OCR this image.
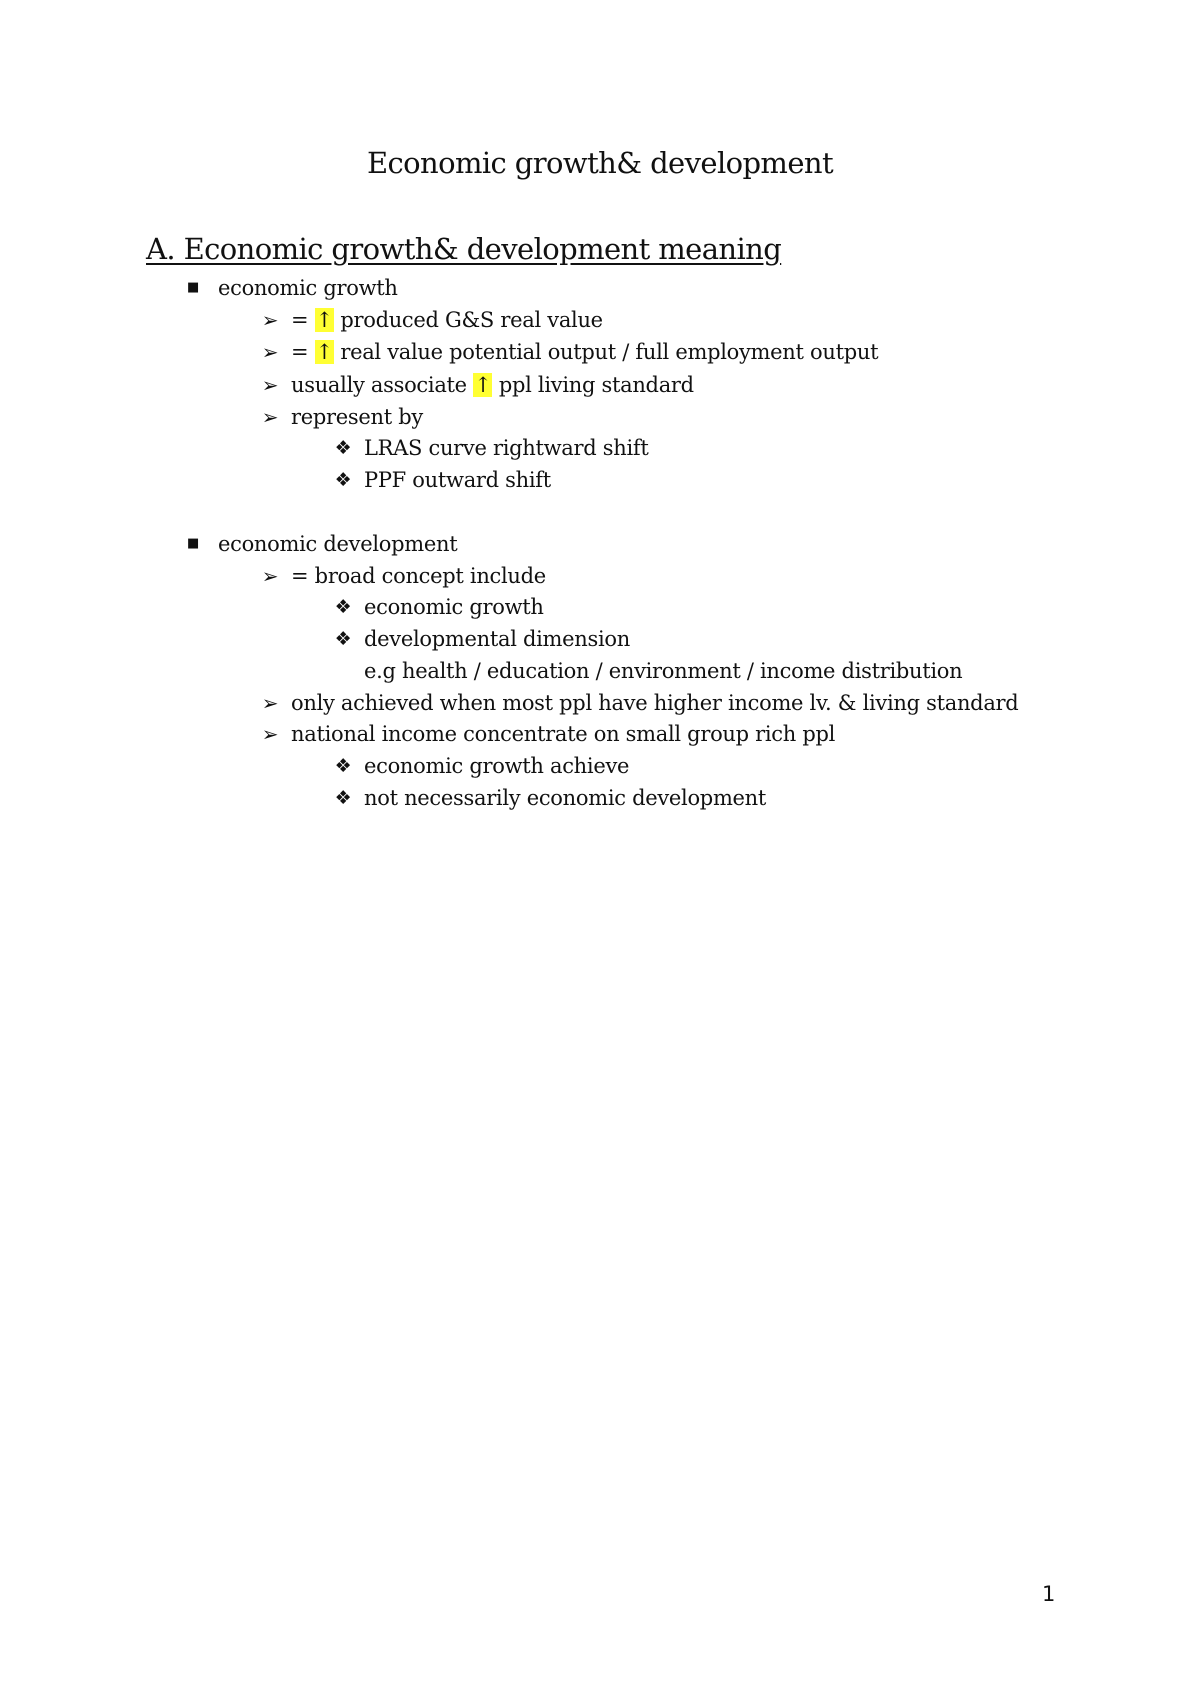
Economic growth& development
A. Economic growth& development meaning
■ economic growth
➢ = ↑ produced G&S real value
➢ = ↑ real value potential output / full employment output
➢ usually associate ↑ ppl living standard
➢ represent by
❖ LRAS curve rightward shift
❖ PPF outward shift
■ economic development
➢ = broad concept include
❖ economic growth
❖ developmental dimension
e.g health / education / environment / income distribution
➢ only achieved when most ppl have higher income lv. & living standard
➢ national income concentrate on small group rich ppl
❖ economic growth achieve
❖ not necessarily economic development
1
